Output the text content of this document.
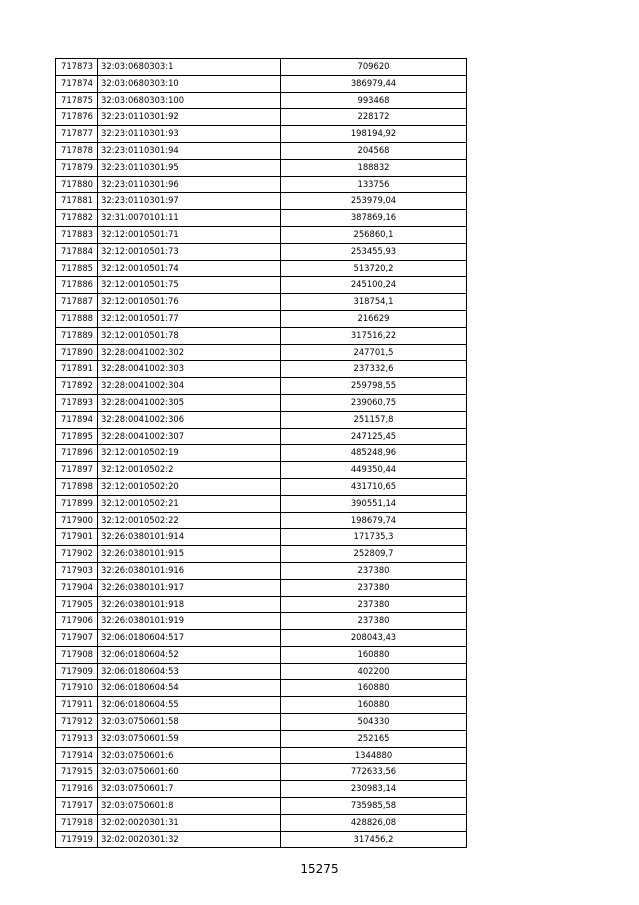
717873	32:03:0680303:1	709620
717874	32:03:0680303:10	386979,44
717875	32:03:0680303:100	993468
717876	32:23:0110301:92	228172
717877	32:23:0110301:93	198194,92
717878	32:23:0110301:94	204568
717879	32:23:0110301:95	188832
717880	32:23:0110301:96	133756
717881	32:23:0110301:97	253979,04
717882	32:31:0070101:11	387869,16
717883	32:12:0010501:71	256860,1
717884	32:12:0010501:73	253455,93
717885	32:12:0010501:74	513720,2
717886	32:12:0010501:75	245100,24
717887	32:12:0010501:76	318754,1
717888	32:12:0010501:77	216629
717889	32:12:0010501:78	317516,22
717890	32:28:0041002:302	247701,5
717891	32:28:0041002:303	237332,6
717892	32:28:0041002:304	259798,55
717893	32:28:0041002:305	239060,75
717894	32:28:0041002:306	251157,8
717895	32:28:0041002:307	247125,45
717896	32:12:0010502:19	485248,96
717897	32:12:0010502:2	449350,44
717898	32:12:0010502:20	431710,65
717899	32:12:0010502:21	390551,14
717900	32:12:0010502:22	198679,74
717901	32:26:0380101:914	171735,3
717902	32:26:0380101:915	252809,7
717903	32:26:0380101:916	237380
717904	32:26:0380101:917	237380
717905	32:26:0380101:918	237380
717906	32:26:0380101:919	237380
717907	32:06:0180604:517	208043,43
717908	32:06:0180604:52	160880
717909	32:06:0180604:53	402200
717910	32:06:0180604:54	160880
717911	32:06:0180604:55	160880
717912	32:03:0750601:58	504330
717913	32:03:0750601:59	252165
717914	32:03:0750601:6	1344880
717915	32:03:0750601:60	772633,56
717916	32:03:0750601:7	230983,14
717917	32:03:0750601:8	735985,58
717918	32:02:0020301:31	428826,08
717919	32:02:0020301:32	317456,2
15275
